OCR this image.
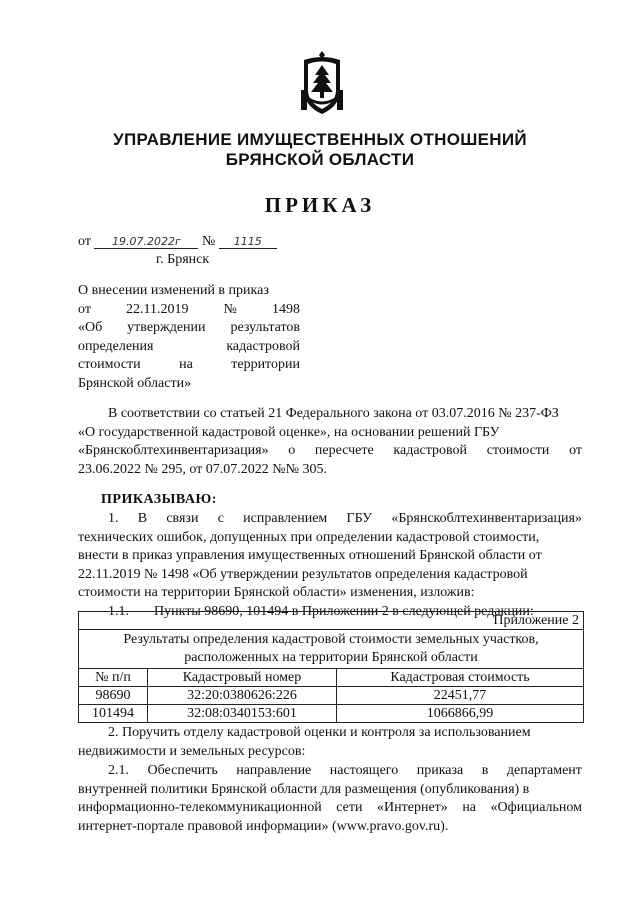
УПРАВЛЕНИЕ ИМУЩЕСТВЕННЫХ ОТНОШЕНИЙ
БРЯНСКОЙ ОБЛАСТИ
ПРИКАЗ
от 19.07.2022г № 1115
г. Брянск
О внесении изменений в приказ
от	22.11.2019	№	1498
«Об утверждении результатов
определения	кадастровой
стоимости	на	территории
Брянской области»
В соответствии со статьей 21 Федерального закона от 03.07.2016 № 237-ФЗ
«О государственной кадастровой оценке», на основании решений ГБУ
«Брянскоблтехинвентаризация» о пересчете кадастровой стоимости от
23.06.2022 № 295, от 07.07.2022 №№ 305.
ПРИКАЗЫВАЮ:
1. В связи с исправлением ГБУ «Брянскоблтехинвентаризация»
технических ошибок, допущенных при определении кадастровой стоимости,
внести в приказ управления имущественных отношений Брянской области от
22.11.2019 № 1498 «Об утверждении результатов определения кадастровой
стоимости на территории Брянской области» изменения, изложив:
1.1. Пункты 98690, 101494 в Приложении 2 в следующей редакции:
Приложение 2		

Результаты определения кадастровой стоимости земельных участков,
расположенных на территории Брянской области		

№ п/п	Кадастровый номер	Кадастровая стоимость
98690	32:20:0380626:226	22451,77
101494	32:08:0340153:601	1066866,99
2. Поручить отделу кадастровой оценки и контроля за использованием
недвижимости и земельных ресурсов:
2.1. Обеспечить направление настоящего приказа в департамент
внутренней политики Брянской области для размещения (опубликования) в
информационно-телекоммуникационной сети «Интернет» на «Официальном
интернет-портале правовой информации» (www.pravo.gov.ru).
